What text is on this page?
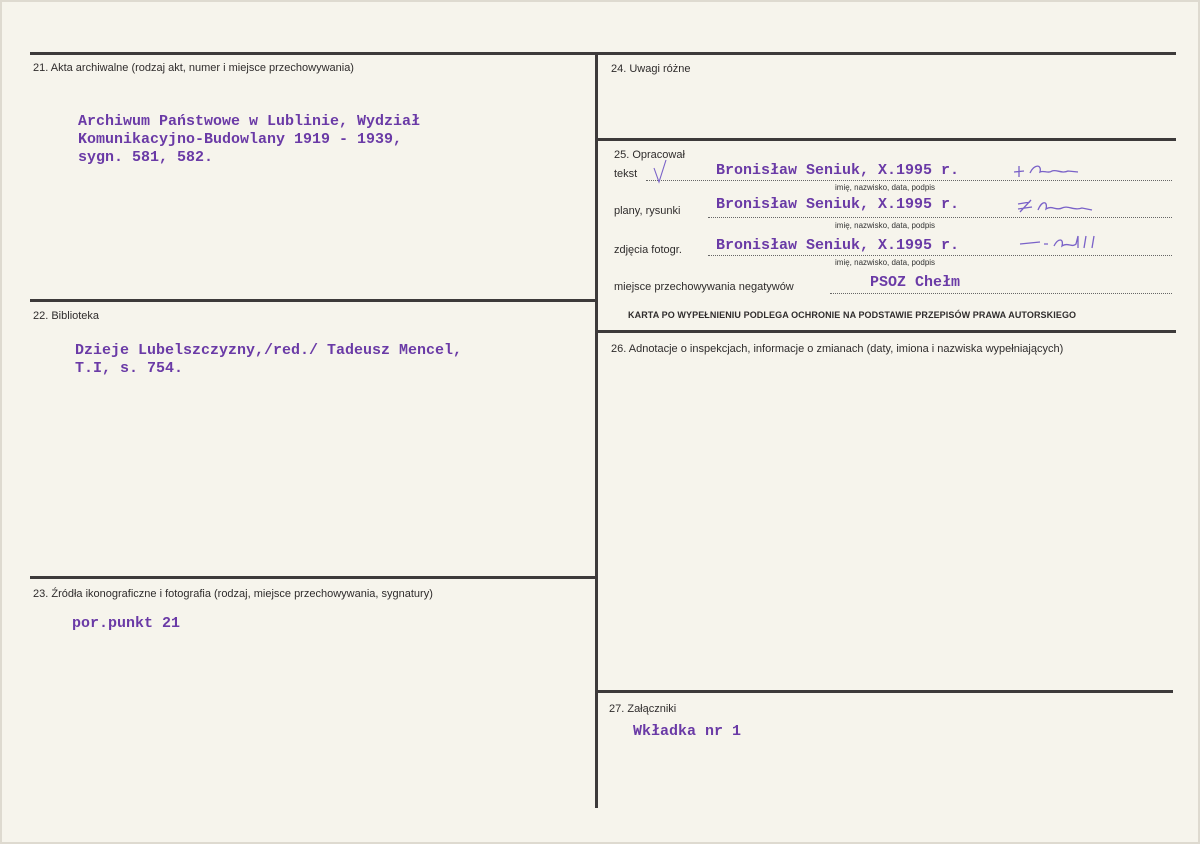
21. Akta archiwalne (rodzaj akt, numer i miejsce przechowywania)
Archiwum Państwowe w Lublinie, Wydział
Komunikacyjno-Budowlany 1919 - 1939,
sygn. 581, 582.
22. Biblioteka
Dzieje Lubelszczyzny,/red./ Tadeusz Mencel,
T.I, s. 754.
23. Źródła ikonograficzne i fotografia (rodzaj, miejsce przechowywania, sygnatury)
por.punkt 21
24. Uwagi różne
25. Opracował
tekst	Bronisław Seniuk, X.1995 r.
imię, nazwisko, data, podpis
plany, rysunki Bronisław Seniuk, X.1995 r.
imię, nazwisko, data, podpis
zdjęcia fotogr. Bronisław Seniuk, X.1995 r.
imię, nazwisko, data, podpis
miejsce przechowywania negatywów	PSOZ Chełm
KARTA PO WYPEŁNIENIU PODLEGA OCHRONIE NA PODSTAWIE PRZEPISÓW PRAWA AUTORSKIEGO
26. Adnotacje o inspekcjach, informacje o zmianach (daty, imiona i nazwiska wypełniających)
27. Załączniki
Wkładka nr 1
